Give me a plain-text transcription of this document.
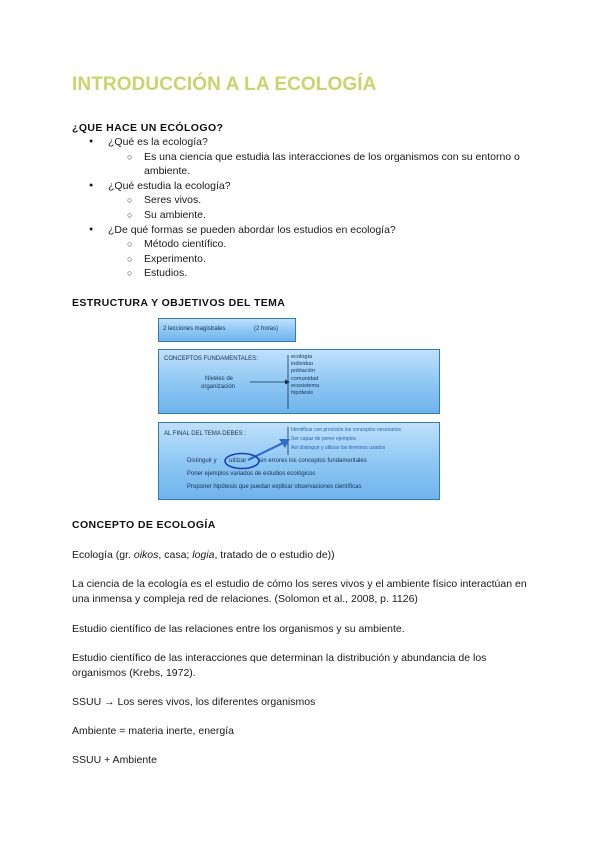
INTRODUCCIÓN A LA ECOLOGÍA
¿QUE HACE UN ECÓLOGO?
● ¿Qué es la ecología?
○ Es una ciencia que estudia las interacciones de los organismos con su entorno o ambiente.
● ¿Qué estudia la ecología?
○ Seres vivos.
○ Su ambiente.
● ¿De qué formas se pueden abordar los estudios en ecología?
○ Método científico.
○ Experimento.
○ Estudios.
ESTRUCTURA Y OBJETIVOS DEL TEMA
2 lecciones magistrales	(2 horas)
CONCEPTOS FUNDAMENTALES:
Niveles de
organización
ecología
individuo
población
comunidad
ecosistema
hipótesis
AL FINAL DEL TEMA DEBES :
Identificar con precisión los conceptos necesarios
Ser capaz de poner ejemplos
Así distinguir y utilizar los términos usados
Distinguir y utilizar sin errores los conceptos fundamentales
Poner ejemplos variados de estudios ecológicos
Proponer hipótesis que puedan explicar observaciones científicas
CONCEPTO DE ECOLOGÍA

Ecología (gr. oikos, casa; logia, tratado de o estudio de))

La ciencia de la ecología es el estudio de cómo los seres vivos y el ambiente físico interactúan en una inmensa y compleja red de relaciones. (Solomon et al., 2008, p. 1126)

Estudio científico de las relaciones entre los organismos y su ambiente.

Estudio científico de las interacciones que determinan la distribución y abundancia de los organismos (Krebs, 1972).

SSUU → Los seres vivos, los diferentes organismos

Ambiente = materia inerte, energía

SSUU + Ambiente
